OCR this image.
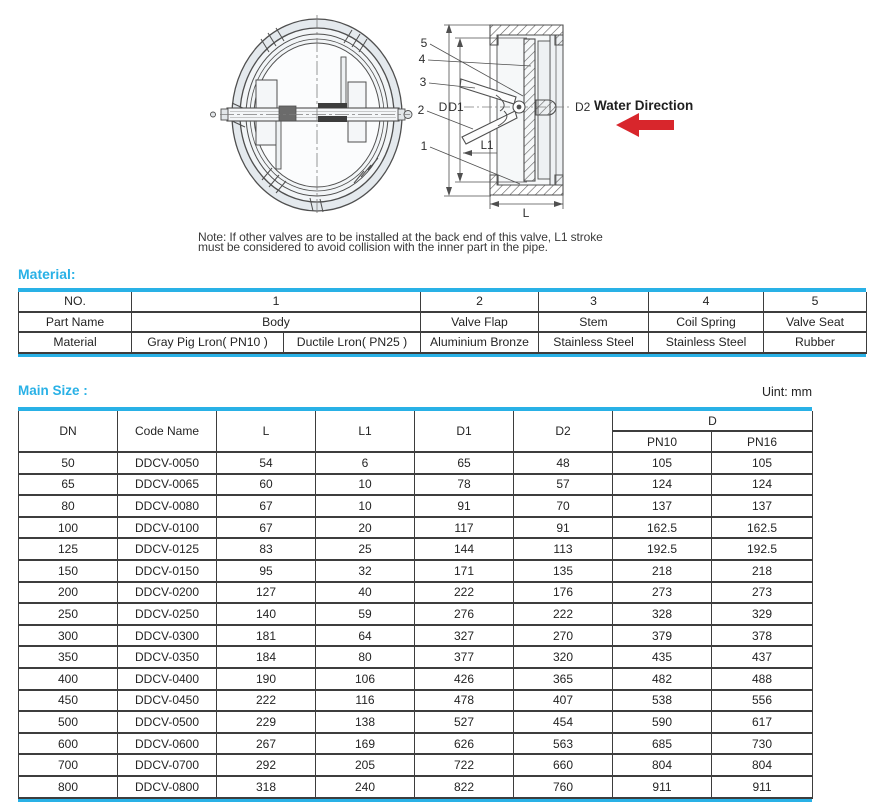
5
4
3
2
1
D D1	D2
L1
L
Water Direction
Note: If other valves are to be installed at the back end of this valve, L1 stroke
must be considered to avoid collision with the inner part in the pipe.
Material:
NO.	1		2	3	4	5
Part Name	Body		Valve Flap	Stem	Coil Spring	Valve Seat
Material	Gray Pig Lron( PN10 )	Ductile Lron( PN25 )	Aluminium Bronze	Stainless Steel	Stainless Steel	Rubber
Main Size :	Uint: mm
DN	Code Name	L	L1	D1	D2	D	
						PN10	PN16
50	DDCV-0050	54	6	65	48	105	105
65	DDCV-0065	60	10	78	57	124	124
80	DDCV-0080	67	10	91	70	137	137
100	DDCV-0100	67	20	117	91	162.5	162.5
125	DDCV-0125	83	25	144	113	192.5	192.5
150	DDCV-0150	95	32	171	135	218	218
200	DDCV-0200	127	40	222	176	273	273
250	DDCV-0250	140	59	276	222	328	329
300	DDCV-0300	181	64	327	270	379	378
350	DDCV-0350	184	80	377	320	435	437
400	DDCV-0400	190	106	426	365	482	488
450	DDCV-0450	222	116	478	407	538	556
500	DDCV-0500	229	138	527	454	590	617
600	DDCV-0600	267	169	626	563	685	730
700	DDCV-0700	292	205	722	660	804	804
800	DDCV-0800	318	240	822	760	911	911
